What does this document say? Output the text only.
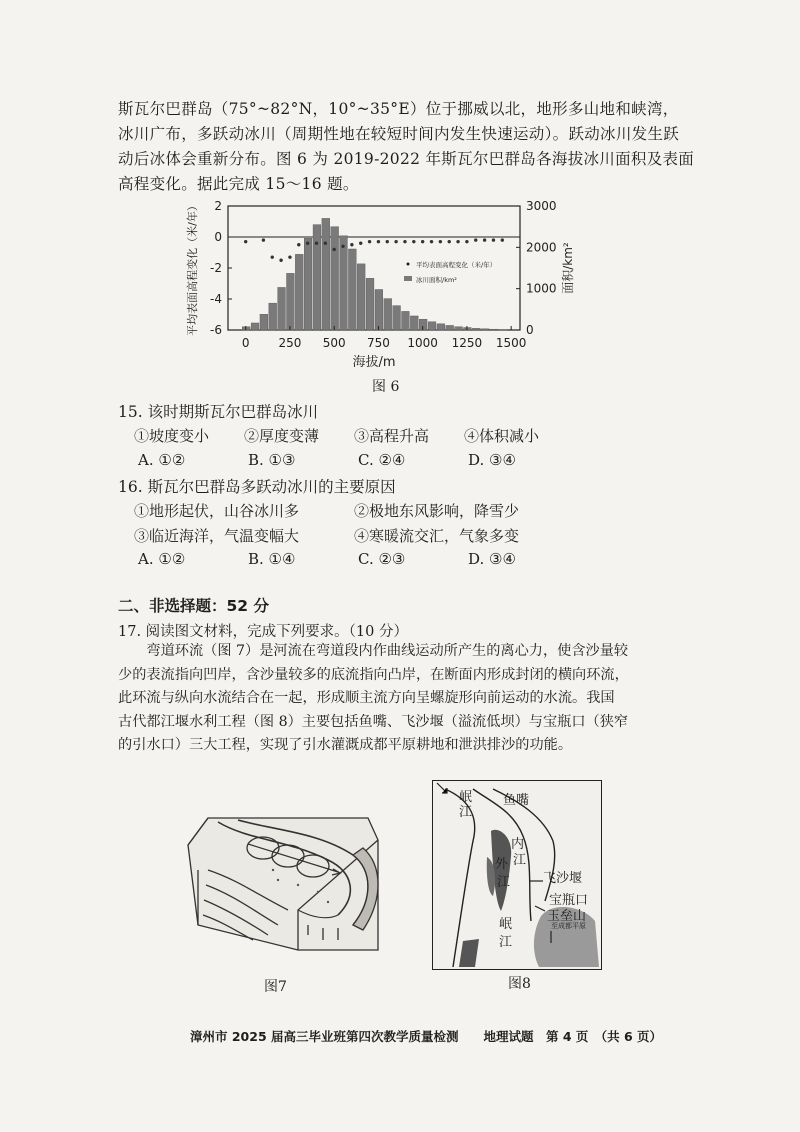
斯瓦尔巴群岛（75°~82°N，10°~35°E）位于挪威以北，地形多山地和峡湾，
冰川广布，多跃动冰川（周期性地在较短时间内发生快速运动）。跃动冰川发生跃
动后冰体会重新分布。图 6 为 2019-2022 年斯瓦尔巴群岛各海拔冰川面积及表面
高程变化。据此完成 15～16 题。
2
0
-2
-4
-6
3000
2000
1000
0
0 250 500 750 1000 1250 1500
海拔/m
平均表面高程变化（米/年）	面积/km²
平均表面高程变化（米/年）
冰川面积/km²
图 6
15. 该时期斯瓦尔巴群岛冰川
①坡度变小 ②厚度变薄 ③高程升高 ④体积减小
A. ①②	B. ①③	C. ②④	D. ③④
16. 斯瓦尔巴群岛多跃动冰川的主要原因
①地形起伏，山谷冰川多	②极地东风影响，降雪少
③临近海洋，气温变幅大	④寒暖流交汇，气象多变
A. ①②	B. ①④	C. ②③	D. ③④
二、非选择题：52 分
17. 阅读图文材料，完成下列要求。（10 分）
　　弯道环流（图 7）是河流在弯道段内作曲线运动所产生的离心力，使含沙量较
少的表流指向凹岸，含沙量较多的底流指向凸岸，在断面内形成封闭的横向环流，
此环流与纵向水流结合在一起，形成顺主流方向呈螺旋形向前运动的水流。我国
古代都江堰水利工程（图 8）主要包括鱼嘴、飞沙堰（溢流低坝）与宝瓶口（狭窄
的引水口）三大工程，实现了引水灌溉成都平原耕地和泄洪排沙的功能。
图7
岷
江
鱼嘴
内
江
外
江	飞沙堰
岷
江
宝瓶口
玉垒山
至成都平原
图8
漳州市 2025 届高三毕业班第四次教学质量检测　　地理试题　第 4 页　（共 6 页）
